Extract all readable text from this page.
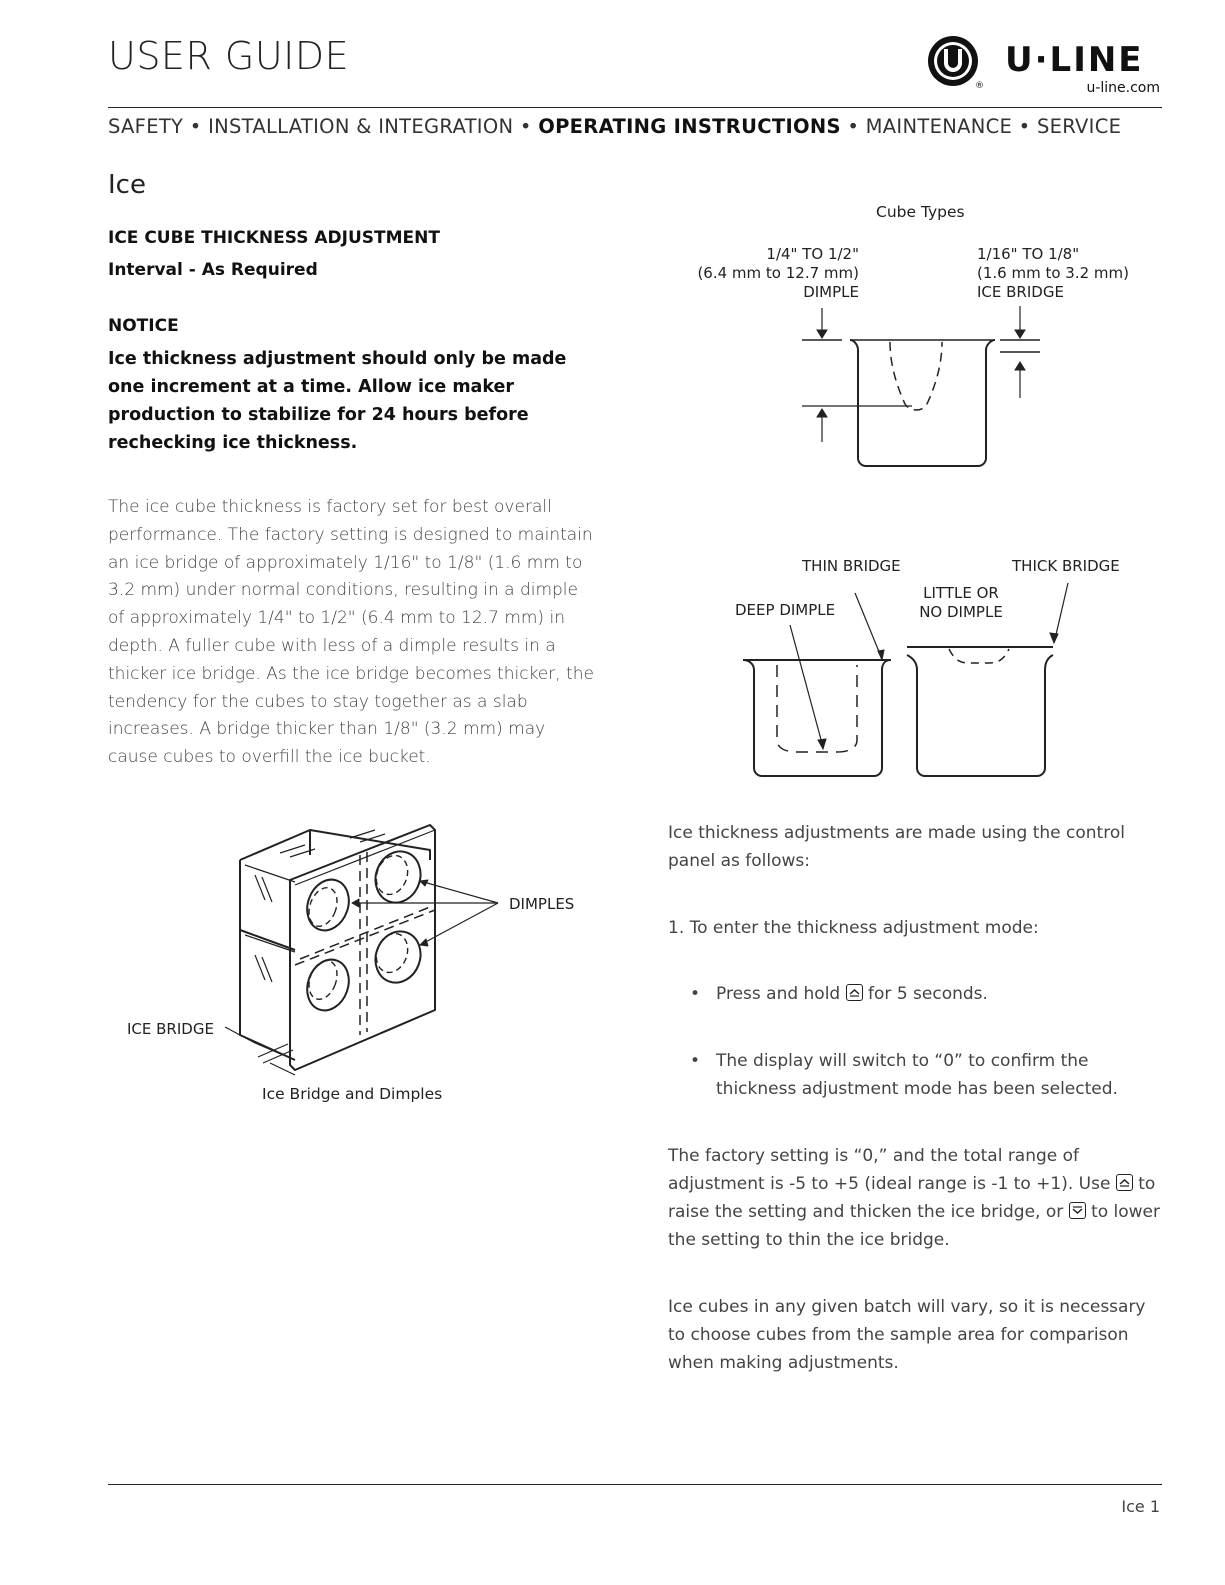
USER GUIDE
®
U·LINE
u-line.com
SAFETY • INSTALLATION & INTEGRATION • OPERATING INSTRUCTIONS • MAINTENANCE • SERVICE
Ice
ICE CUBE THICKNESS ADJUSTMENT
Interval - As Required
NOTICE
Ice thickness adjustment should only be made one increment at a time. Allow ice maker production to stabilize for 24 hours before rechecking ice thickness.
The ice cube thickness is factory set for best overall performance. The factory setting is designed to maintain an ice bridge of approximately 1/16" to 1/8" (1.6 mm to 3.2 mm) under normal conditions, resulting in a dimple of approximately 1/4" to 1/2" (6.4 mm to 12.7 mm) in depth. A fuller cube with less of a dimple results in a thicker ice bridge. As the ice bridge becomes thicker, the tendency for the cubes to stay together as a slab increases. A bridge thicker than 1/8" (3.2 mm) may cause cubes to overfill the ice bucket.
DIMPLES
ICE BRIDGE
Ice Bridge and Dimples
Cube Types
1/4" TO 1/2"
(6.4 mm to 12.7 mm)
DIMPLE
1/16" TO 1/8"
(1.6 mm to 3.2 mm)
ICE BRIDGE
THIN BRIDGE	THICK BRIDGE
DEEP DIMPLE
LITTLE OR
NO DIMPLE
Ice thickness adjustments are made using the control panel as follows:
1. To enter the thickness adjustment mode:
• Press and hold for 5 seconds.
• The display will switch to “0” to confirm the thickness adjustment mode has been selected.
The factory setting is “0,” and the total range of adjustment is -5 to +5 (ideal range is -1 to +1). Use to raise the setting and thicken the ice bridge, or to lower the setting to thin the ice bridge.
Ice cubes in any given batch will vary, so it is necessary to choose cubes from the sample area for comparison when making adjustments.
Ice 1
